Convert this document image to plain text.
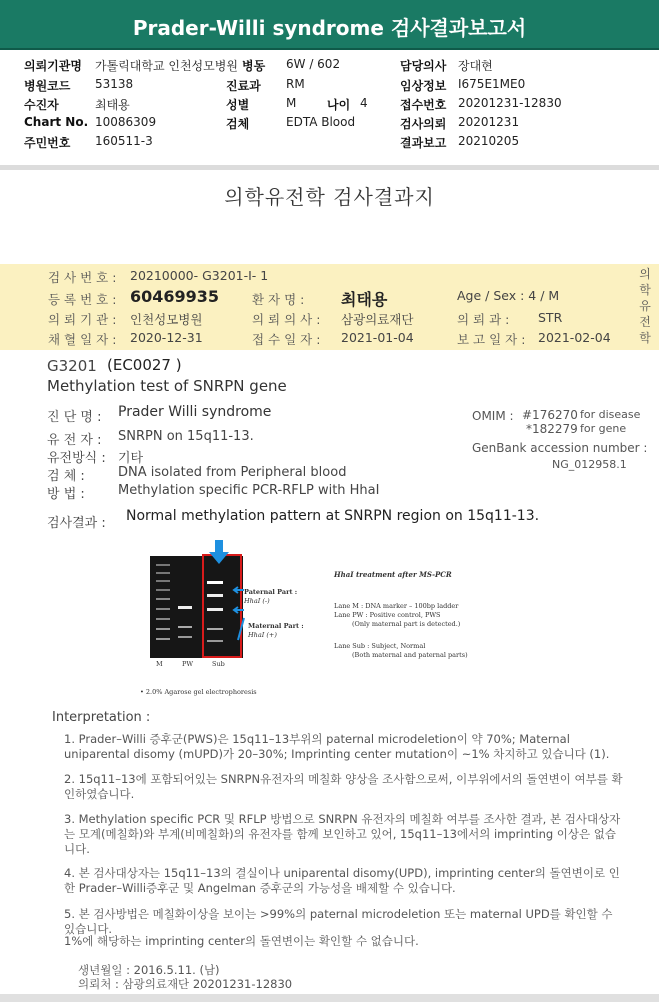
Prader-Willi syndrome 검사결과보고서
의뢰기관명 가톨릭대학교 인천성모병원
병원코드 53138
수진자	최태용
Chart No. 10086309
주민번호 160511-3
담당의사 장대현
임상정보 I675E1ME0
접수번호 20201231-12830
검사의뢰 20201231
결과보고 20210205
병동 6W / 602
진료과 RM
성별	M	나이 4
검체	EDTA Blood
의학유전학 검사결과지
검 사 번 호 : 20210000- G3201-I- 1
등 록 번 호 : 60469935	환 자 명 : 최태용	Age / Sex : 4 / M
의 뢰 기 관 : 인천성모병원	의 뢰 의 사 : 삼광의료재단	의 뢰 과 : STR
채 혈 일 자 : 2020-12-31	접 수 일 자 : 2021-01-04	보 고 일 자 : 2021-02-04
의
학
유
전
학
G3201 (EC0027 )
Methylation test of SNRPN gene
진 단 명 : Prader Willi syndrome
유 전 자 : SNRPN on 15q11-13.
유전방식 : 기타
검 체 :	DNA isolated from Peripheral blood
방 법 :	Methylation specific PCR-RFLP with HhaI
OMIM : #176270 for disease
*182279 for gene
GenBank accession number :
NG_012958.1
검사결과 : Normal methylation pattern at SNRPN region on 15q11-13.
Paternal Part :
HhaI (-)
Maternal Part :
HhaI (+)
M	PW	Sub
HhaI treatment after MS-PCR
Lane M : DNA marker – 100bp ladder
Lane PW : Positive control, PWS
(Only maternal part is detected.)
Lane Sub : Subject, Normal
(Both maternal and paternal parts)
• 2.0% Agarose gel electrophoresis
Interpretation :
1. Prader–Willi 증후군(PWS)은 15q11–13부위의 paternal microdeletion이 약 70%; Maternal uniparental disomy (mUPD)가 20–30%; Imprinting center mutation이 ~1% 차지하고 있습니다 (1).
2. 15q11–13에 포함되어있는 SNRPN유전자의 메칠화 양상을 조사함으로써, 이부위에서의 돌연변이 여부를 확인하였습니다.
3. Methylation specific PCR 및 RFLP 방법으로 SNRPN 유전자의 메칠화 여부를 조사한 결과, 본 검사대상자는 모계(메칠화)와 부계(비메칠화)의 유전자를 함께 보인하고 있어, 15q11–13에서의 imprinting 이상은 없습니다.
4. 본 검사대상자는 15q11–13의 결실이나 uniparental disomy(UPD), imprinting center의 돌연변이로 인한 Prader–Willi증후군 및 Angelman 증후군의 가능성을 배제할 수 있습니다.
5. 본 검사방법은 메칠화이상을 보이는 >99%의 paternal microdeletion 또는 maternal UPD를 확인할 수 있습니다.
1%에 해당하는 imprinting center의 돌연변이는 확인할 수 없습니다.
생년월일 : 2016.5.11. (남)
의뢰처 : 삼광의료재단 20201231-12830
